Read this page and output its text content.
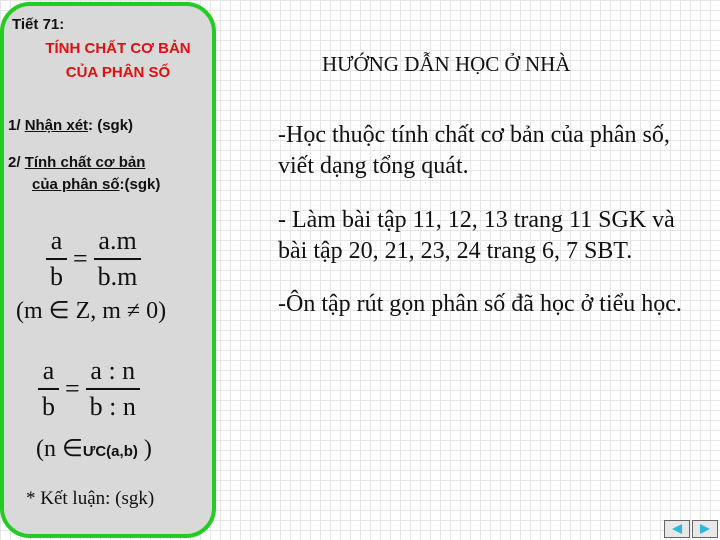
Tiết 71:

TÍNH CHẤT CƠ BẢN

CỦA PHÂN SỐ

1/ Nhận xét: (sgk)

2/ Tính chất cơ bản

của phân số:(sgk)

$\frac{a}{b} = \frac{a.m}{b.m}$
(m ∈ Z, m ≠ 0)
$\frac{a}{b} = \frac{a : n}{b : n}$
(n ∈ƯC(a,b) )

* Kết luận: (sgk)

HƯỚNG DẪN HỌC Ở NHÀ

-Học thuộc tính chất cơ bản của phân số, viết dạng tổng quát.

- Làm bài tập 11, 12, 13 trang 11 SGK và bài tập 20, 21, 23, 24 trang 6, 7 SBT.

-Ôn tập rút gọn phân số đã học ở tiểu học.
